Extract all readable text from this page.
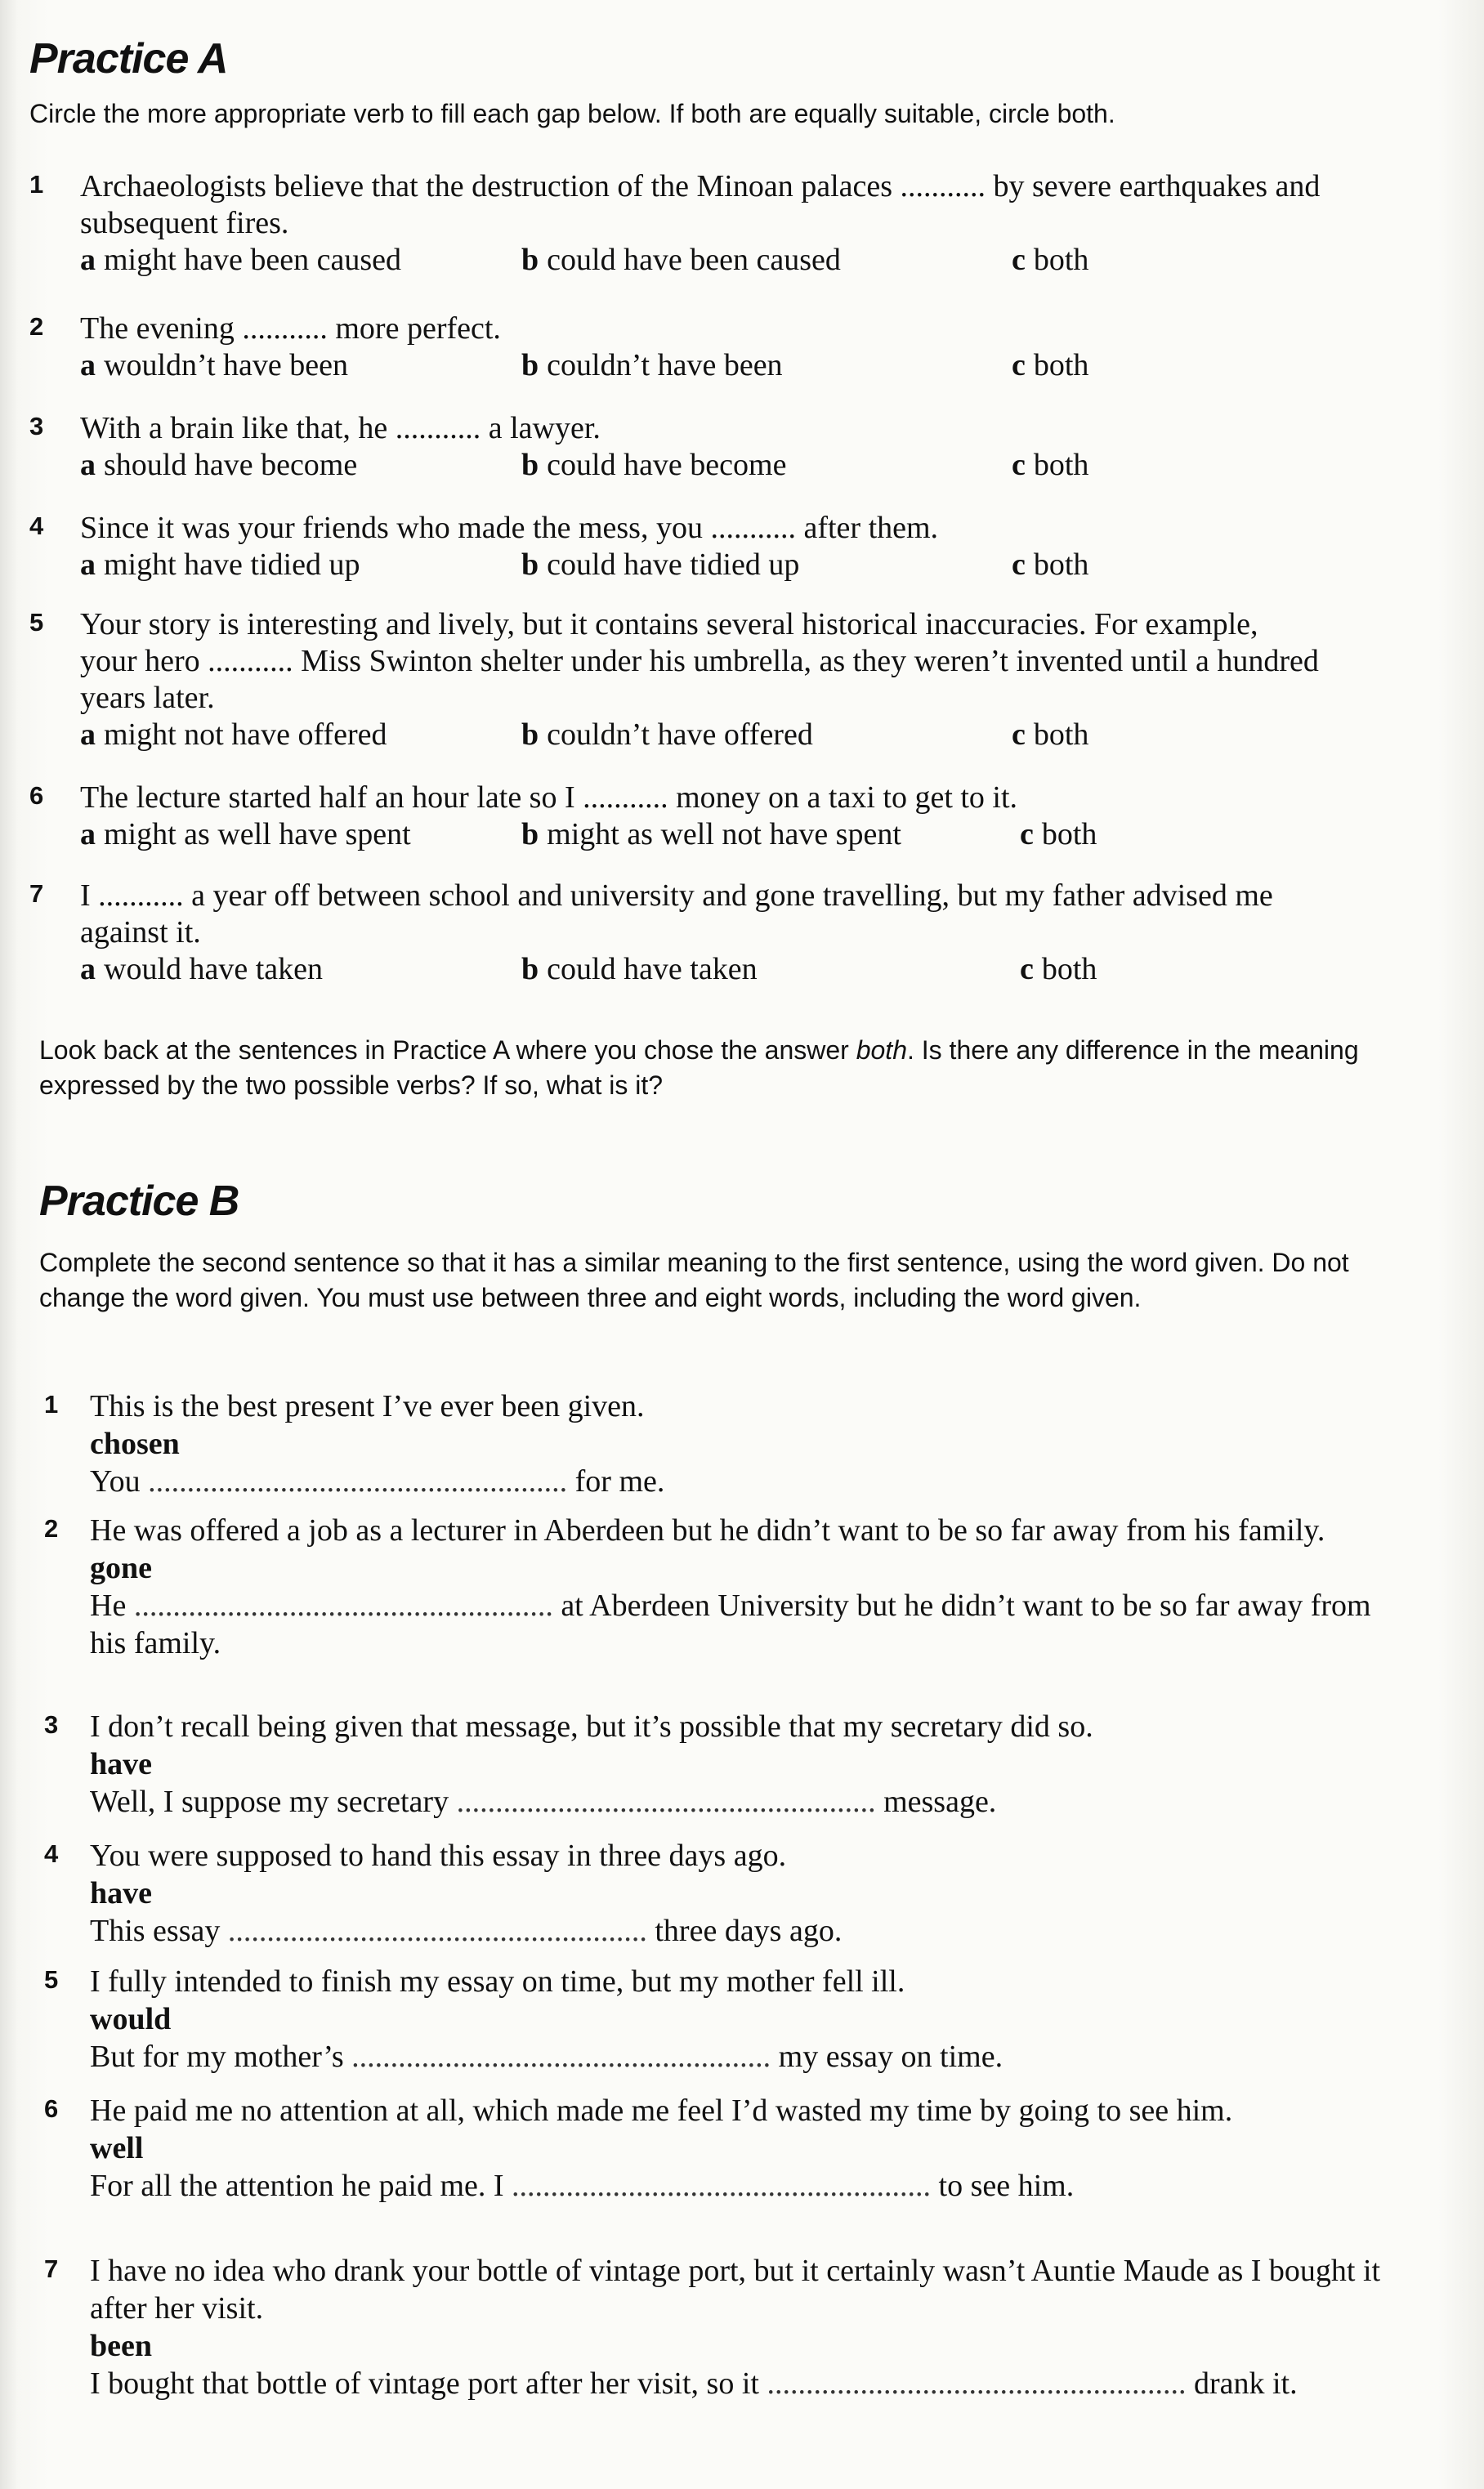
Practice A

Circle the more appropriate verb to fill each gap below. If both are equally suitable, circle both.

1 Archaeologists believe that the destruction of the Minoan palaces ........... by severe earthquakes and subsequent fires.
a might have been caused	b could have been caused	c both
2 The evening ........... more perfect.
a wouldn’t have been	b couldn’t have been	c both
3 With a brain like that, he ........... a lawyer.
a should have become	b could have become	c both
4 Since it was your friends who made the mess, you ........... after them.
a might have tidied up	b could have tidied up	c both
5 Your story is interesting and lively, but it contains several historical inaccuracies. For example, your hero ........... Miss Swinton shelter under his umbrella, as they weren’t invented until a hundred years later.
a might not have offered	b couldn’t have offered	c both
6 The lecture started half an hour late so I ........... money on a taxi to get to it.
a might as well have spent	b might as well not have spent	c both
7 I ........... a year off between school and university and gone travelling, but my father advised me against it.
a would have taken	b could have taken	c both

Look back at the sentences in Practice A where you chose the answer both. Is there any difference in the meaning expressed by the two possible verbs? If so, what is it?

Practice B

Complete the second sentence so that it has a similar meaning to the first sentence, using the word given. Do not change the word given. You must use between three and eight words, including the word given.

1 This is the best present I’ve ever been given.
chosen
You ...................................................... for me.
2 He was offered a job as a lecturer in Aberdeen but he didn’t want to be so far away from his family.
gone
He ...................................................... at Aberdeen University but he didn’t want to be so far away from his family.
3 I don’t recall being given that message, but it’s possible that my secretary did so.
have
Well, I suppose my secretary ...................................................... message.
4 You were supposed to hand this essay in three days ago.
have
This essay ...................................................... three days ago.
5 I fully intended to finish my essay on time, but my mother fell ill.
would
But for my mother’s ...................................................... my essay on time.
6 He paid me no attention at all, which made me feel I’d wasted my time by going to see him.
well
For all the attention he paid me. I ...................................................... to see him.
7 I have no idea who drank your bottle of vintage port, but it certainly wasn’t Auntie Maude as I bought it after her visit.
been
I bought that bottle of vintage port after her visit, so it ...................................................... drank it.
